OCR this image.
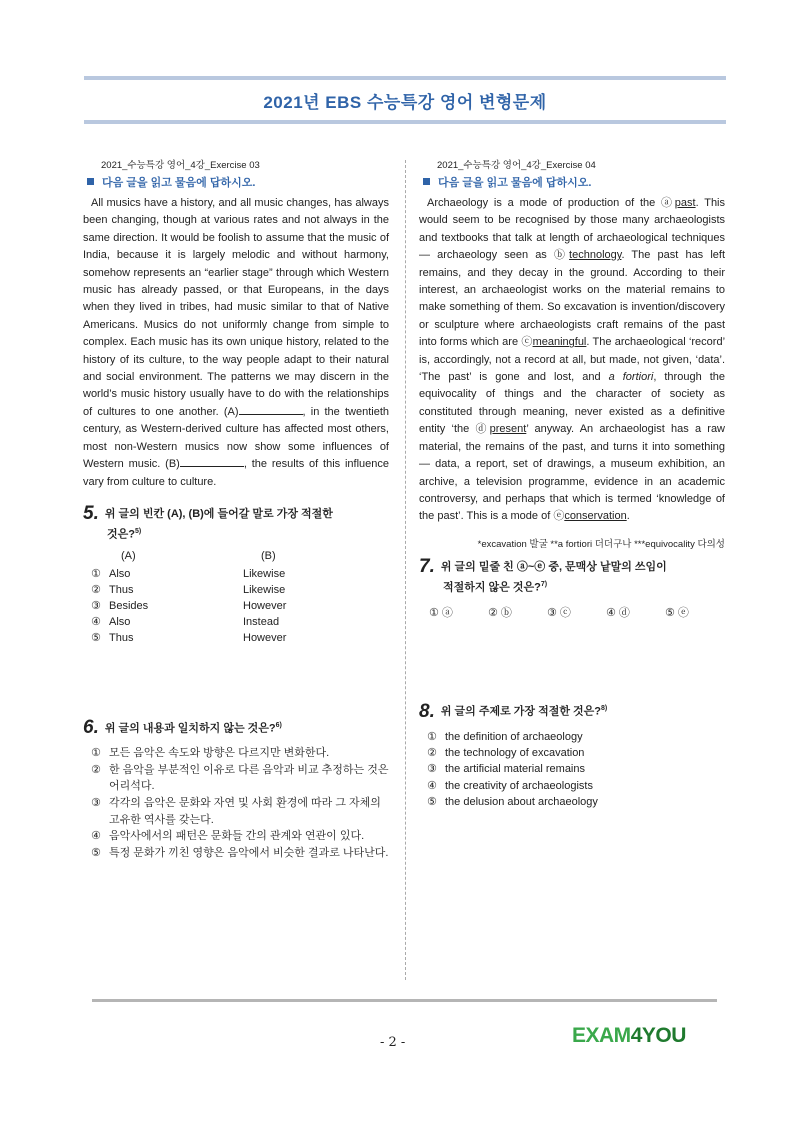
2021년 EBS 수능특강 영어 변형문제

2021_수능특강 영어_4강_Exercise 03

다음 글을 읽고 물음에 답하시오.

All musics have a history, and all music changes, has always been changing, though at various rates and not always in the same direction. It would be foolish to assume that the music of India, because it is largely melodic and without harmony, somehow represents an “earlier stage” through which Western music has already passed, or that Europeans, in the days when they lived in tribes, had music similar to that of Native Americans. Musics do not uniformly change from simple to complex. Each music has its own unique history, related to the history of its culture, to the way people adapt to their natural and social environment. The patterns we may discern in the world’s music history usually have to do with the relationships of cultures to one another. (A)	, in the twentieth century, as Western-derived culture has affected most others, most non-Western musics now show some influences of Western music. (B)	, the results of this influence vary from culture to culture.

5. 위 글의 빈칸 (A), (B)에 들어갈 말로 가장 적절한
것은?$^{5)}$

(A)	(B)
① Also	Likewise
② Thus	Likewise
③ Besides	However
④ Also	Instead
⑤ Thus	However

6. 위 글의 내용과 일치하지 않는 것은?$^{6)}$

① 모든 음악은 속도와 방향은 다르지만 변화한다.
② 한 음악을 부분적인 이유로 다른 음악과 비교 추정하는 것은 어리석다.
③ 각각의 음악은 문화와 자연 및 사회 환경에 따라 그 자체의 고유한 역사를 갖는다.
④ 음악사에서의 패턴은 문화들 간의 관계와 연관이 있다.
⑤ 특정 문화가 끼친 영향은 음악에서 비슷한 결과로 나타난다.

2021_수능특강 영어_4강_Exercise 04

다음 글을 읽고 물음에 답하시오.

Archaeology is a mode of production of the ⓐpast. This would seem to be recognised by those many archaeologists and textbooks that talk at length of archaeological techniques — archaeology seen as ⓑtechnology. The past has left remains, and they decay in the ground. According to their interest, an archaeologist works on the material remains to make something of them. So excavation is invention/discovery or sculpture where archaeologists craft remains of the past into forms which are ⓒmeaningful. The archaeological ‘record’ is, accordingly, not a record at all, but made, not given, ‘data’. ‘The past’ is gone and lost, and a fortiori, through the equivocality of things and the character of society as constituted through meaning, never existed as a definitive entity ‘the ⓓpresent’ anyway. An archaeologist has a raw material, the remains of the past, and turns it into something — data, a report, set of drawings, a museum exhibition, an archive, a television programme, evidence in an academic controversy, and perhaps that which is termed ‘knowledge of the past’. This is a mode of ⓔconservation.

*excavation 발굴 **a fortiori 더더구나 ***equivocality 다의성

7. 위 글의 밑줄 친 ⓐ~ⓔ 중, 문맥상 낱말의 쓰임이
적절하지 않은 것은?$^{7)}$

① ⓐ	② ⓑ	③ ⓒ	④ ⓓ	⑤ ⓔ

8. 위 글의 주제로 가장 적절한 것은?$^{8)}$

① the definition of archaeology
② the technology of excavation
③ the artificial material remains
④ the creativity of archaeologists
⑤ the delusion about archaeology
- 2 -	EXAM4YOU
